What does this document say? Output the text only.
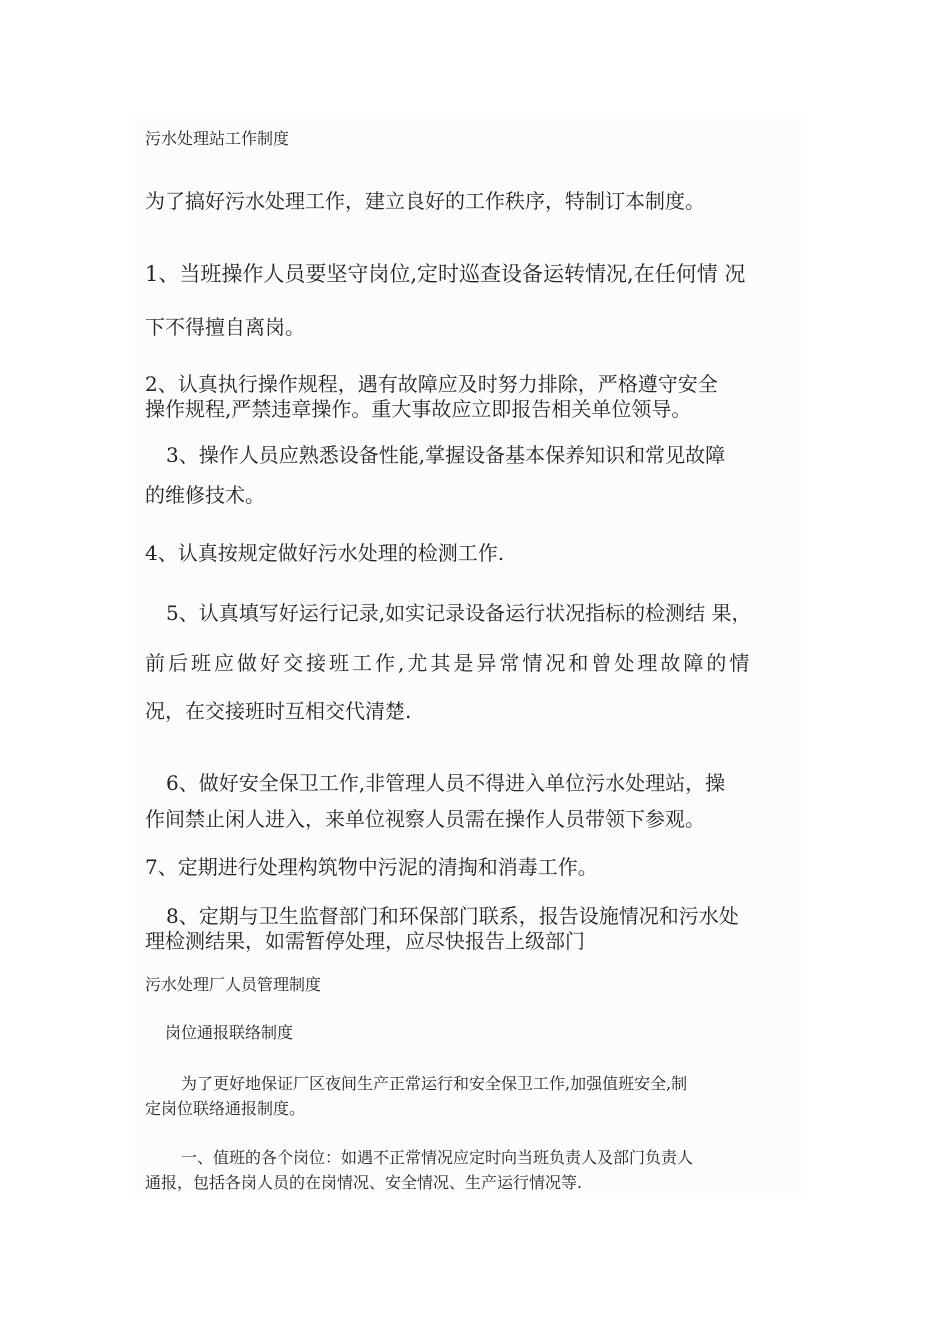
污水处理站工作制度
为了搞好污水处理工作，建立良好的工作秩序，特制订本制度。
1、当班操作人员要坚守岗位,定时巡查设备运转情况,在任何情 况
下不得擅自离岗。
2、认真执行操作规程，遇有故障应及时努力排除，严格遵守安全
操作规程,严禁违章操作。重大事故应立即报告相关单位领导。
3、操作人员应熟悉设备性能,掌握设备基本保养知识和常见故障
的维修技术。
4、认真按规定做好污水处理的检测工作.
5、认真填写好运行记录,如实记录设备运行状况指标的检测结 果，
前后班应做好交接班工作,尤其是异常情况和曾处理故障的情
况，在交接班时互相交代清楚.
6、做好安全保卫工作,非管理人员不得进入单位污水处理站，操
作间禁止闲人进入，来单位视察人员需在操作人员带领下参观。
7、定期进行处理构筑物中污泥的清掏和消毒工作。
8、定期与卫生监督部门和环保部门联系，报告设施情况和污水处
理检测结果，如需暂停处理，应尽快报告上级部门
污水处理厂人员管理制度
岗位通报联络制度
为了更好地保证厂区夜间生产正常运行和安全保卫工作,加强值班安全,制
定岗位联络通报制度。
一、值班的各个岗位：如遇不正常情况应定时向当班负责人及部门负责人
通报，包括各岗人员的在岗情况、安全情况、生产运行情况等.
